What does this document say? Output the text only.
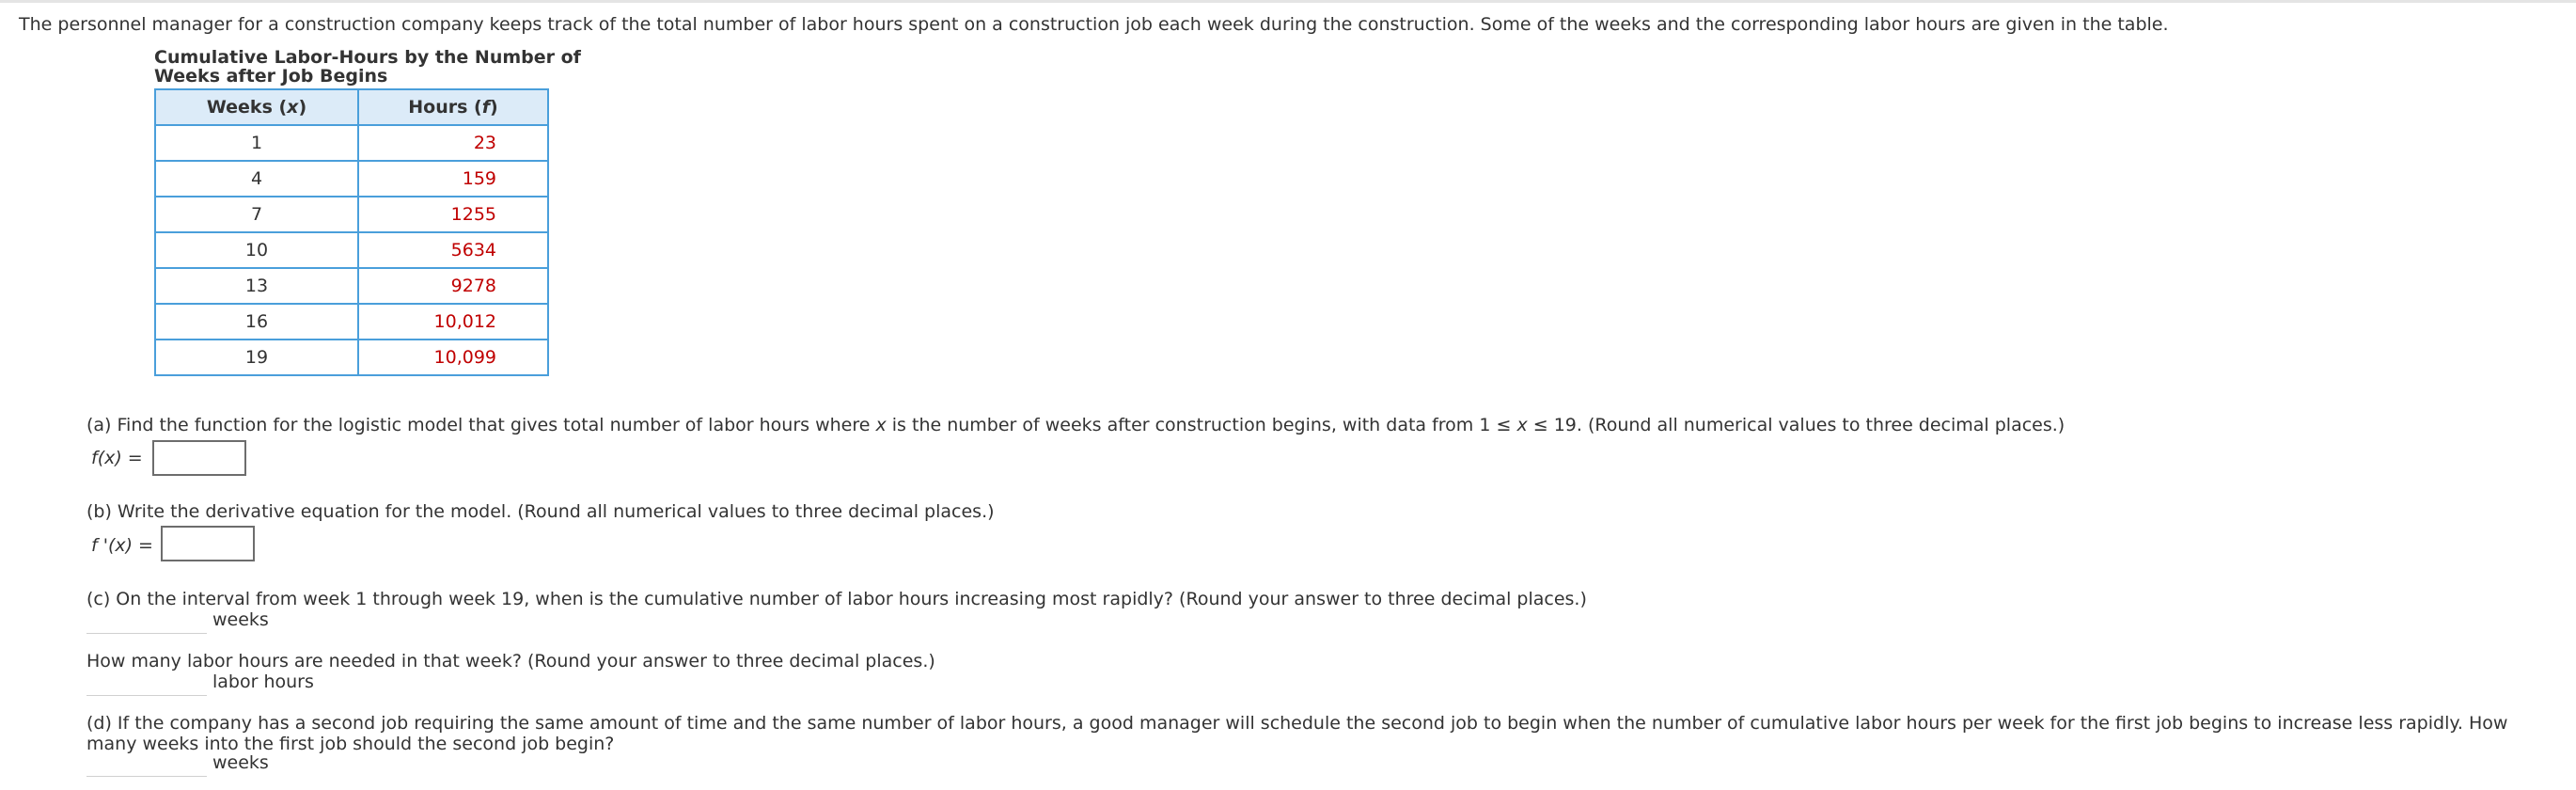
The personnel manager for a construction company keeps track of the total number of labor hours spent on a construction job each week during the construction. Some of the weeks and the corresponding labor hours are given in the table.
Cumulative Labor-Hours by the Number of Weeks after Job Begins
Weeks (x)	Hours (f)
1	23
4	159
7	1255
10	5634
13	9278
16	10,012
19	10,099
(a) Find the function for the logistic model that gives total number of labor hours where x is the number of weeks after construction begins, with data from 1 ≤ x ≤ 19. (Round all numerical values to three decimal places.)
f(x) =
(b) Write the derivative equation for the model. (Round all numerical values to three decimal places.)
f '(x) =
(c) On the interval from week 1 through week 19, when is the cumulative number of labor hours increasing most rapidly? (Round your answer to three decimal places.)
weeks
How many labor hours are needed in that week? (Round your answer to three decimal places.)
labor hours
(d) If the company has a second job requiring the same amount of time and the same number of labor hours, a good manager will schedule the second job to begin when the number of cumulative labor hours per week for the first job begins to increase less rapidly. How many weeks into the first job should the second job begin?
weeks
